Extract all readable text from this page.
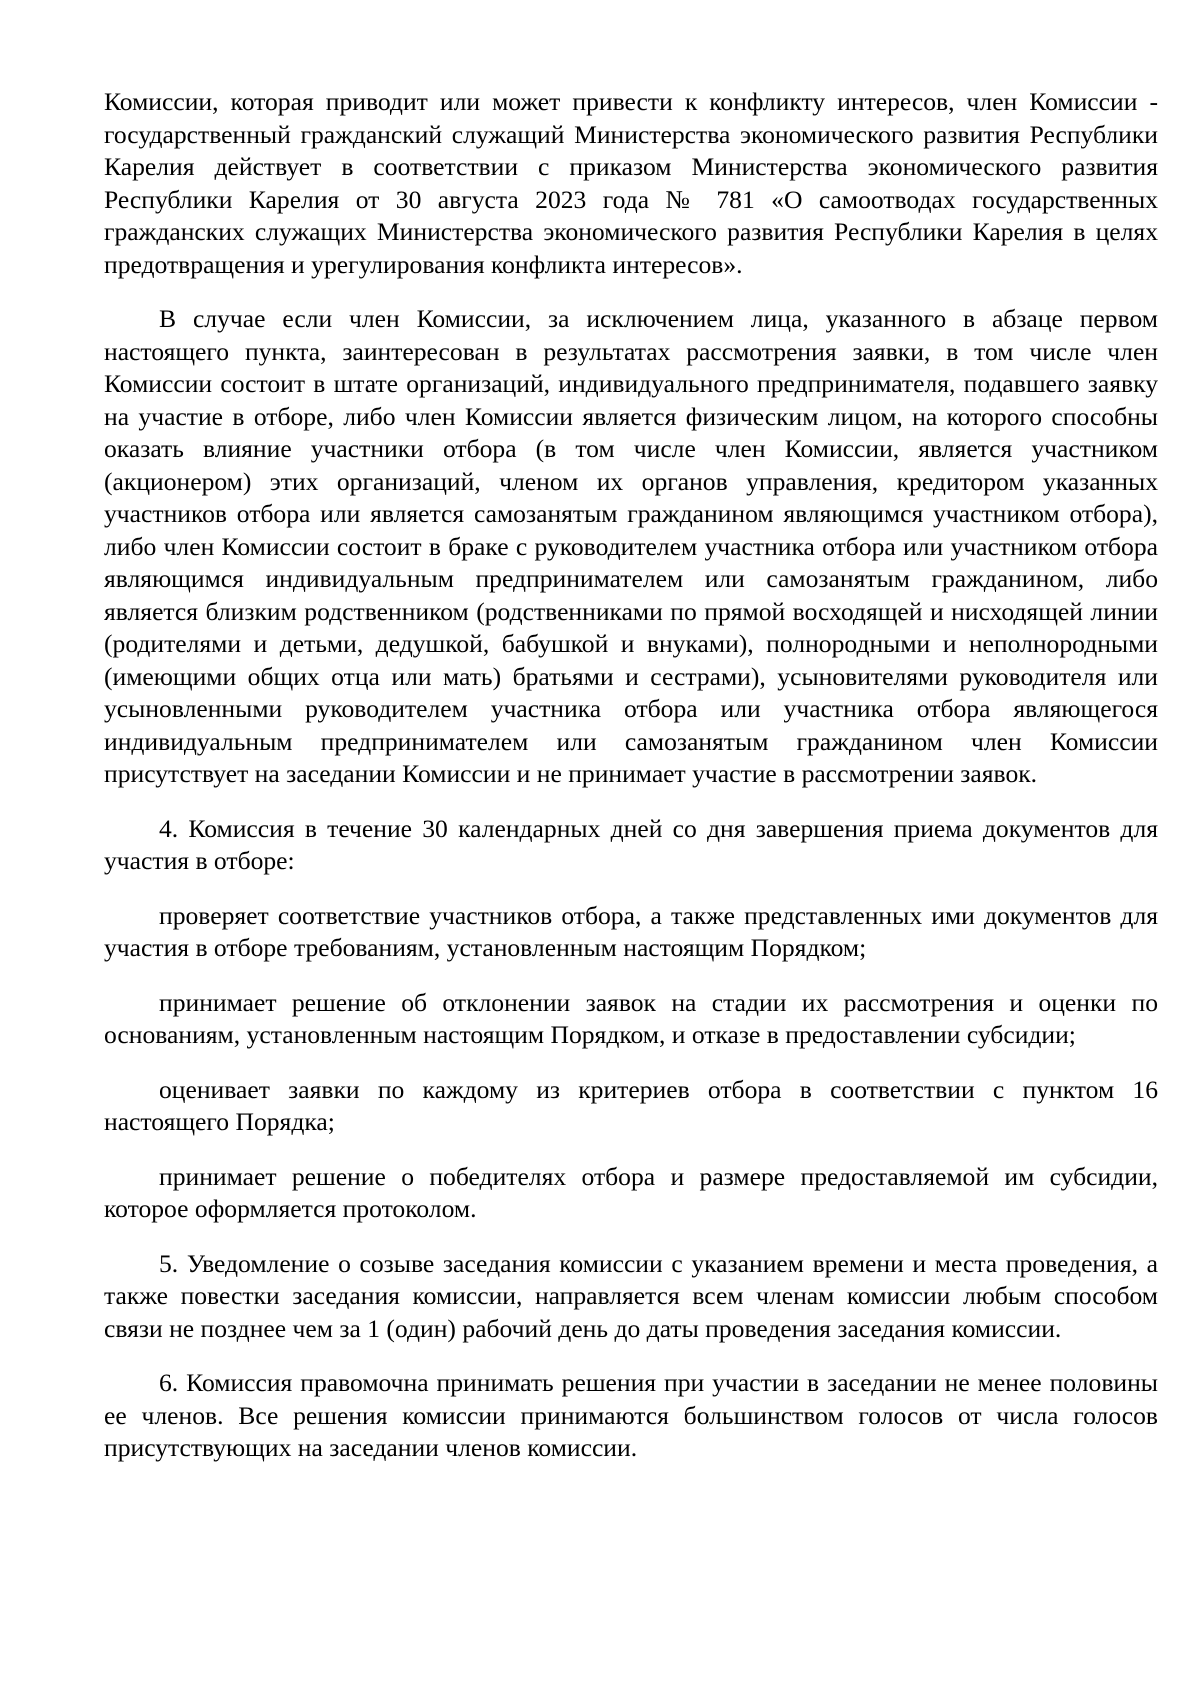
Комиссии, которая приводит или может привести к конфликту интересов, член Комиссии - государственный гражданский служащий Министерства экономического развития Республики Карелия действует в соответствии с приказом Министерства экономического развития Республики Карелия от 30 августа 2023 года № 781 «О самоотводах государственных гражданских служащих Министерства экономического развития Республики Карелия в целях предотвращения и урегулирования конфликта интересов».

В случае если член Комиссии, за исключением лица, указанного в абзаце первом настоящего пункта, заинтересован в результатах рассмотрения заявки, в том числе член Комиссии состоит в штате организаций, индивидуального предпринимателя, подавшего заявку на участие в отборе, либо член Комиссии является физическим лицом, на которого способны оказать влияние участники отбора (в том числе член Комиссии, является участником (акционером) этих организаций, членом их органов управления, кредитором указанных участников отбора или является самозанятым гражданином являющимся участником отбора), либо член Комиссии состоит в браке с руководителем участника отбора или участником отбора являющимся индивидуальным предпринимателем или самозанятым гражданином, либо является близким родственником (родственниками по прямой восходящей и нисходящей линии (родителями и детьми, дедушкой, бабушкой и внуками), полнородными и неполнородными (имеющими общих отца или мать) братьями и сестрами), усыновителями руководителя или усыновленными руководителем участника отбора или участника отбора являющегося индивидуальным предпринимателем или самозанятым гражданином член Комиссии присутствует на заседании Комиссии и не принимает участие в рассмотрении заявок.

4. Комиссия в течение 30 календарных дней со дня завершения приема документов для участия в отборе:

проверяет соответствие участников отбора, а также представленных ими документов для участия в отборе требованиям, установленным настоящим Порядком;

принимает решение об отклонении заявок на стадии их рассмотрения и оценки по основаниям, установленным настоящим Порядком, и отказе в предоставлении субсидии;

оценивает заявки по каждому из критериев отбора в соответствии с пунктом 16 настоящего Порядка;

принимает решение о победителях отбора и размере предоставляемой им субсидии, которое оформляется протоколом.

5. Уведомление о созыве заседания комиссии с указанием времени и места проведения, а также повестки заседания комиссии, направляется всем членам комиссии любым способом связи не позднее чем за 1 (один) рабочий день до даты проведения заседания комиссии.

6. Комиссия правомочна принимать решения при участии в заседании не менее половины ее членов. Все решения комиссии принимаются большинством голосов от числа голосов присутствующих на заседании членов комиссии.
